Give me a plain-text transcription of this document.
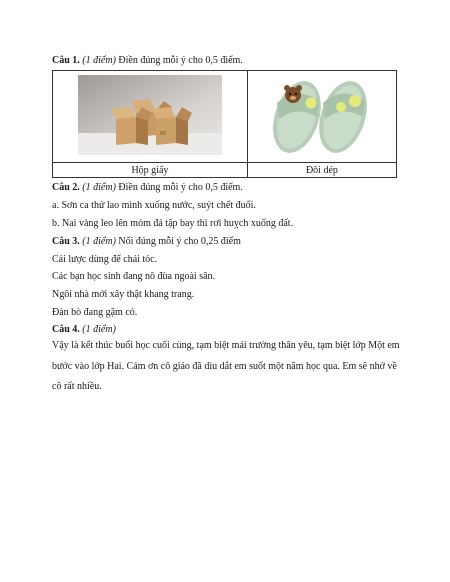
Câu 1. (1 điểm) Điền đúng mỗi ý cho 0,5 điểm.

Hộp giấy	Đôi dép
Câu 2. (1 điểm) Điền đúng mỗi ý cho 0,5 điểm.
a. Sơn ca thử lao mình xuống nước, suýt chết đuối.
b. Nai vàng leo lên mỏm đá tập bay thì rơi huỵch xuống đất.
Câu 3. (1 điểm) Nối đúng mỗi ý cho 0,25 điểm
Cái lược dùng để chải tóc.
Các bạn học sinh đang nô đùa ngoài sân.
Ngôi nhà mới xây thật khang trang.
Đàn bò đang gặm cỏ.
Câu 4. (1 điểm)
Vậy là kết thúc buổi học cuối cùng, tạm biệt mái trường thân yêu, tạm biệt lớp Một em bước vào lớp Hai. Cảm ơn cô giáo đã dìu dắt em suốt một năm học qua. Em sẽ nhớ về cô rất nhiều.
